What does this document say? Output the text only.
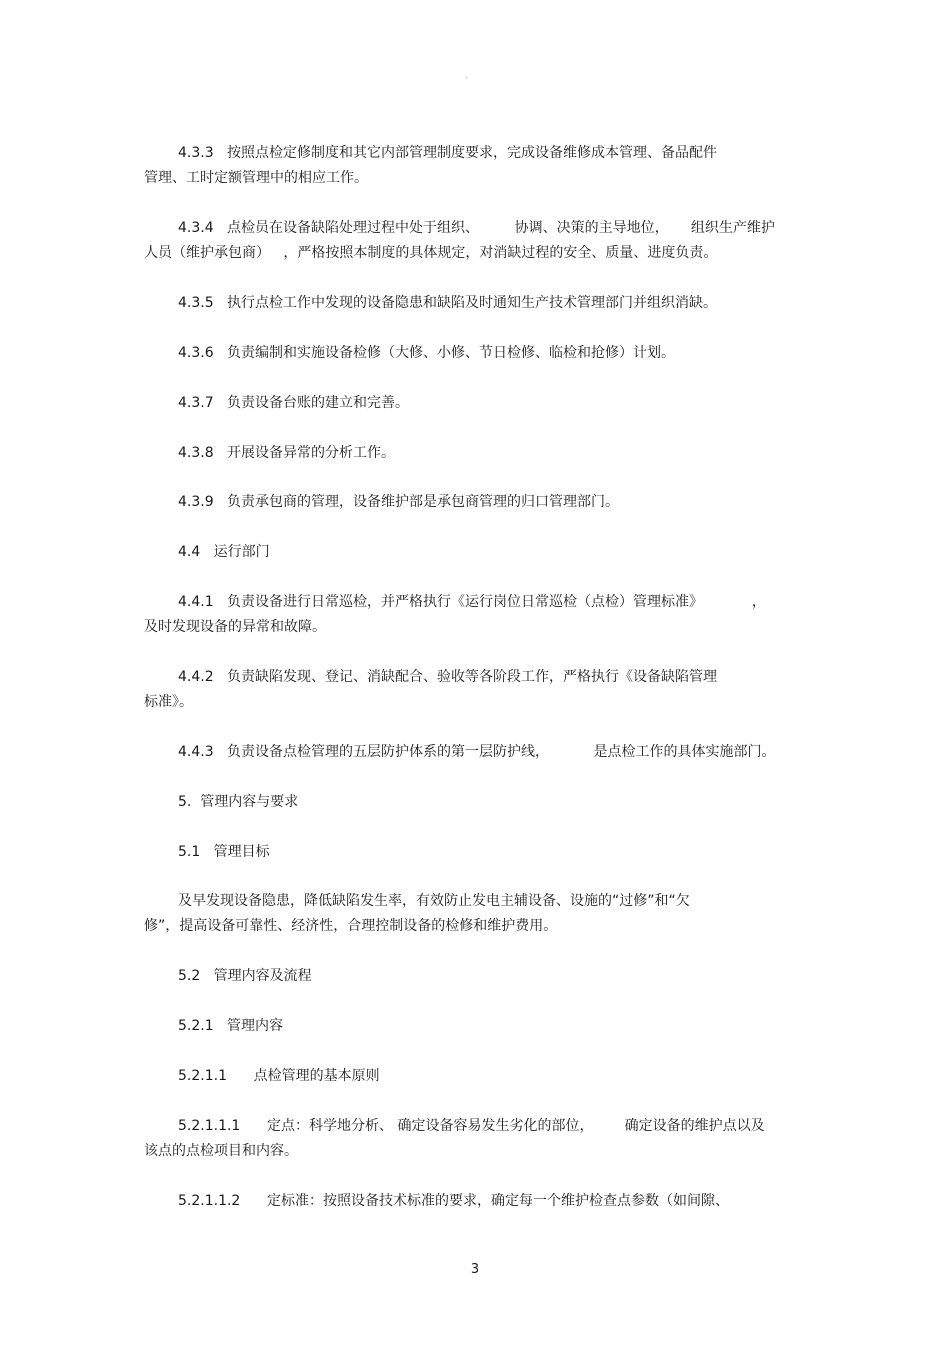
。
4.3.3   按照点检定修制度和其它内部管理制度要求，完成设备维修成本管理、备品配件
管理、工时定额管理中的相应工作。
4.3.4   点检员在设备缺陷处理过程中处于组织、        协调、决策的主导地位，     组织生产维护
人员（维护承包商）   ，严格按照本制度的具体规定，对消缺过程的安全、质量、进度负责。
4.3.5   执行点检工作中发现的设备隐患和缺陷及时通知生产技术管理部门并组织消缺。
4.3.6   负责编制和实施设备检修（大修、小修、节日检修、临检和抢修）计划。
4.3.7   负责设备台账的建立和完善。
4.3.8   开展设备异常的分析工作。
4.3.9   负责承包商的管理，设备维护部是承包商管理的归口管理部门。
4.4   运行部门
4.4.1   负责设备进行日常巡检，并严格执行《运行岗位日常巡检（点检）管理标准》           ，
及时发现设备的异常和故障。
4.4.2   负责缺陷发现、登记、消缺配合、验收等各阶段工作，严格执行《设备缺陷管理
标准》。
4.4.3   负责设备点检管理的五层防护体系的第一层防护线，          是点检工作的具体实施部门。
5.  管理内容与要求
5.1   管理目标
及早发现设备隐患，降低缺陷发生率，有效防止发电主辅设备、设施的“过修”和“欠
修”，提高设备可靠性、经济性，合理控制设备的检修和维护费用。
5.2   管理内容及流程
5.2.1   管理内容
5.2.1.1      点检管理的基本原则
5.2.1.1.1      定点：科学地分析、 确定设备容易发生劣化的部位，       确定设备的维护点以及
该点的点检项目和内容。
5.2.1.1.2      定标准：按照设备技术标准的要求，确定每一个维护检查点参数（如间隙、
3
